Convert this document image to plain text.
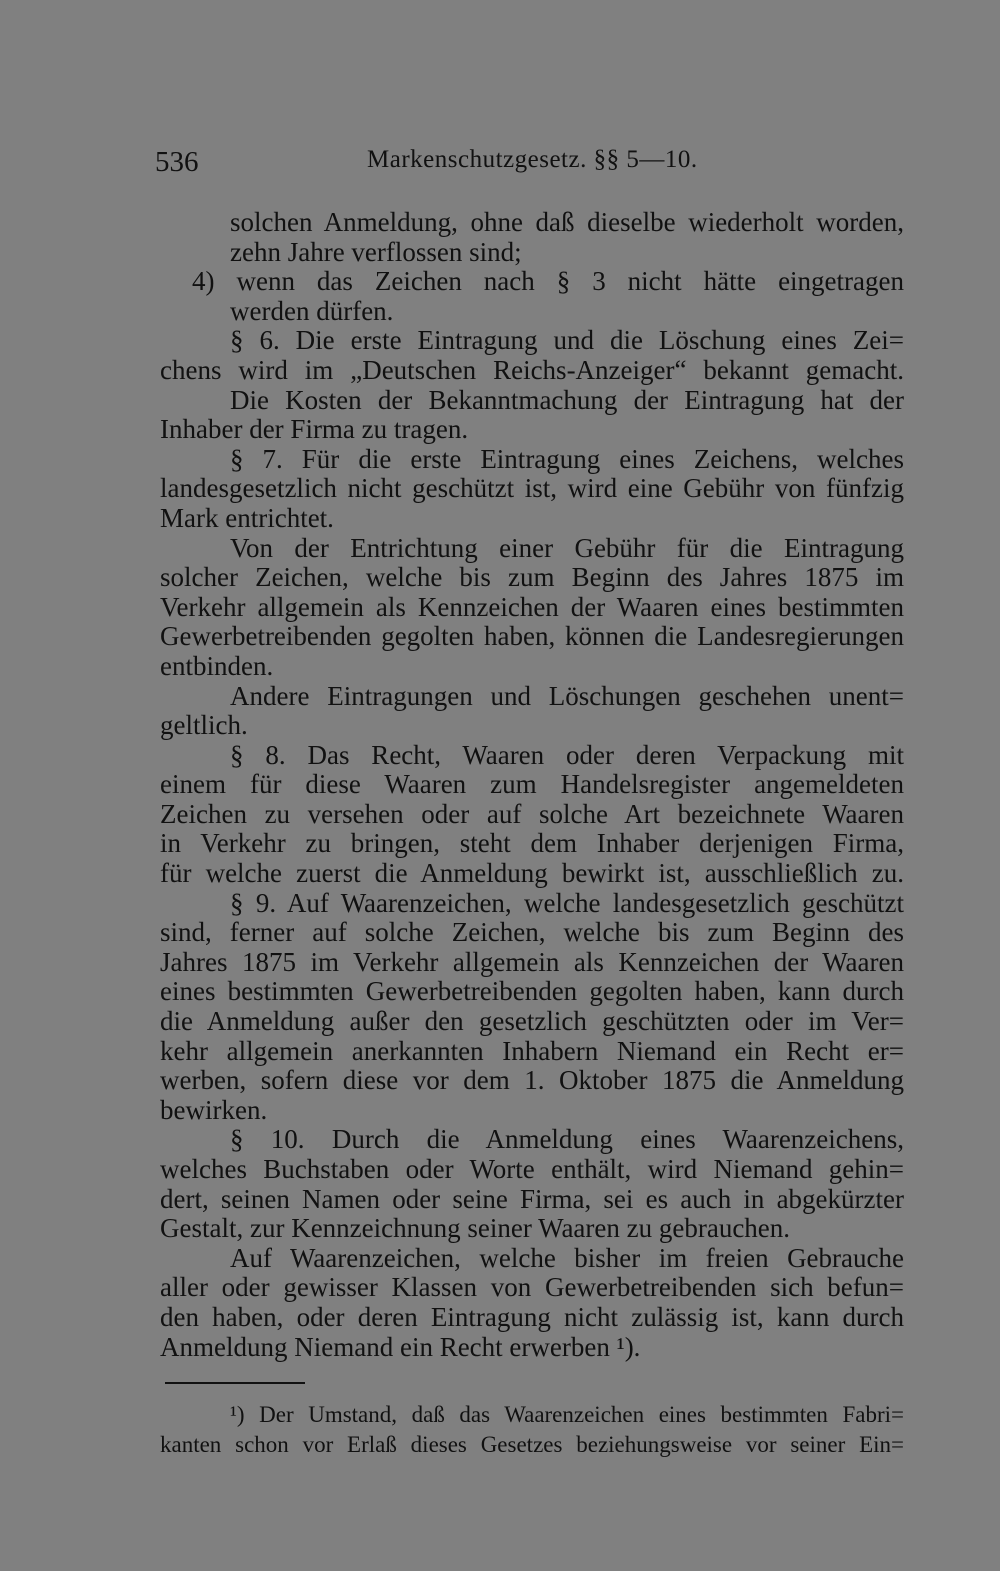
536	Markenschutzgesetz. §§ 5—10.
solchen Anmeldung, ohne daß dieselbe wiederholt worden,
zehn Jahre verflossen sind;
4) wenn das Zeichen nach § 3 nicht hätte eingetragen
werden dürfen.
§ 6. Die erste Eintragung und die Löschung eines Zei=
chens wird im „Deutschen Reichs-Anzeiger“ bekannt gemacht.
Die Kosten der Bekanntmachung der Eintragung hat der
Inhaber der Firma zu tragen.
§ 7. Für die erste Eintragung eines Zeichens, welches
landesgesetzlich nicht geschützt ist, wird eine Gebühr von fünfzig
Mark entrichtet.
Von der Entrichtung einer Gebühr für die Eintragung
solcher Zeichen, welche bis zum Beginn des Jahres 1875 im
Verkehr allgemein als Kennzeichen der Waaren eines bestimmten
Gewerbetreibenden gegolten haben, können die Landesregierungen
entbinden.
Andere Eintragungen und Löschungen geschehen unent=
geltlich.
§ 8. Das Recht, Waaren oder deren Verpackung mit
einem für diese Waaren zum Handelsregister angemeldeten
Zeichen zu versehen oder auf solche Art bezeichnete Waaren
in Verkehr zu bringen, steht dem Inhaber derjenigen Firma,
für welche zuerst die Anmeldung bewirkt ist, ausschließlich zu.
§ 9. Auf Waarenzeichen, welche landesgesetzlich geschützt
sind, ferner auf solche Zeichen, welche bis zum Beginn des
Jahres 1875 im Verkehr allgemein als Kennzeichen der Waaren
eines bestimmten Gewerbetreibenden gegolten haben, kann durch
die Anmeldung außer den gesetzlich geschützten oder im Ver=
kehr allgemein anerkannten Inhabern Niemand ein Recht er=
werben, sofern diese vor dem 1. Oktober 1875 die Anmeldung
bewirken.
§ 10. Durch die Anmeldung eines Waarenzeichens,
welches Buchstaben oder Worte enthält, wird Niemand gehin=
dert, seinen Namen oder seine Firma, sei es auch in abgekürzter
Gestalt, zur Kennzeichnung seiner Waaren zu gebrauchen.
Auf Waarenzeichen, welche bisher im freien Gebrauche
aller oder gewisser Klassen von Gewerbetreibenden sich befun=
den haben, oder deren Eintragung nicht zulässig ist, kann durch
Anmeldung Niemand ein Recht erwerben ¹).
¹) Der Umstand, daß das Waarenzeichen eines bestimmten Fabri=
kanten schon vor Erlaß dieses Gesetzes beziehungsweise vor seiner Ein=
